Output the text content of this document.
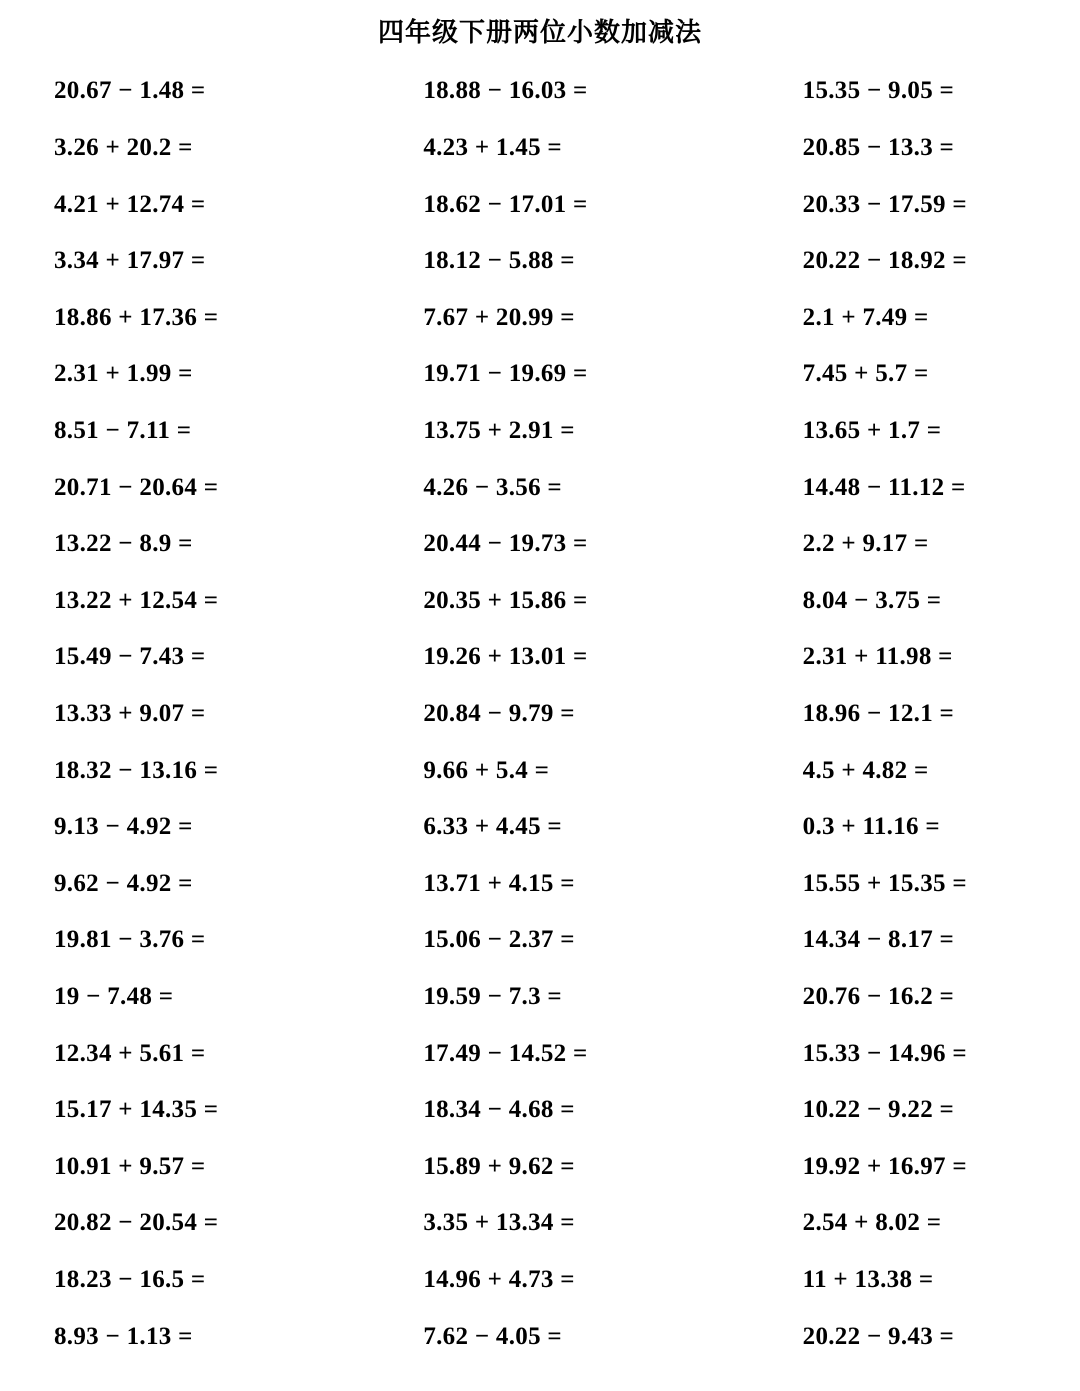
四年级下册两位小数加减法
20.67 − 1.48 =	18.88 − 16.03 =	15.35 − 9.05 =
3.26 + 20.2 =	4.23 + 1.45 =	20.85 − 13.3 =
4.21 + 12.74 =	18.62 − 17.01 =	20.33 − 17.59 =
3.34 + 17.97 =	18.12 − 5.88 =	20.22 − 18.92 =
18.86 + 17.36 =	7.67 + 20.99 =	2.1 + 7.49 =
2.31 + 1.99 =	19.71 − 19.69 =	7.45 + 5.7 =
8.51 − 7.11 =	13.75 + 2.91 =	13.65 + 1.7 =
20.71 − 20.64 =	4.26 − 3.56 =	14.48 − 11.12 =
13.22 − 8.9 =	20.44 − 19.73 =	2.2 + 9.17 =
13.22 + 12.54 =	20.35 + 15.86 =	8.04 − 3.75 =
15.49 − 7.43 =	19.26 + 13.01 =	2.31 + 11.98 =
13.33 + 9.07 =	20.84 − 9.79 =	18.96 − 12.1 =
18.32 − 13.16 =	9.66 + 5.4 =	4.5 + 4.82 =
9.13 − 4.92 =	6.33 + 4.45 =	0.3 + 11.16 =
9.62 − 4.92 =	13.71 + 4.15 =	15.55 + 15.35 =
19.81 − 3.76 =	15.06 − 2.37 =	14.34 − 8.17 =
19 − 7.48 =	19.59 − 7.3 =	20.76 − 16.2 =
12.34 + 5.61 =	17.49 − 14.52 =	15.33 − 14.96 =
15.17 + 14.35 =	18.34 − 4.68 =	10.22 − 9.22 =
10.91 + 9.57 =	15.89 + 9.62 =	19.92 + 16.97 =
20.82 − 20.54 =	3.35 + 13.34 =	2.54 + 8.02 =
18.23 − 16.5 =	14.96 + 4.73 =	11 + 13.38 =
8.93 − 1.13 =	7.62 − 4.05 =	20.22 − 9.43 =
